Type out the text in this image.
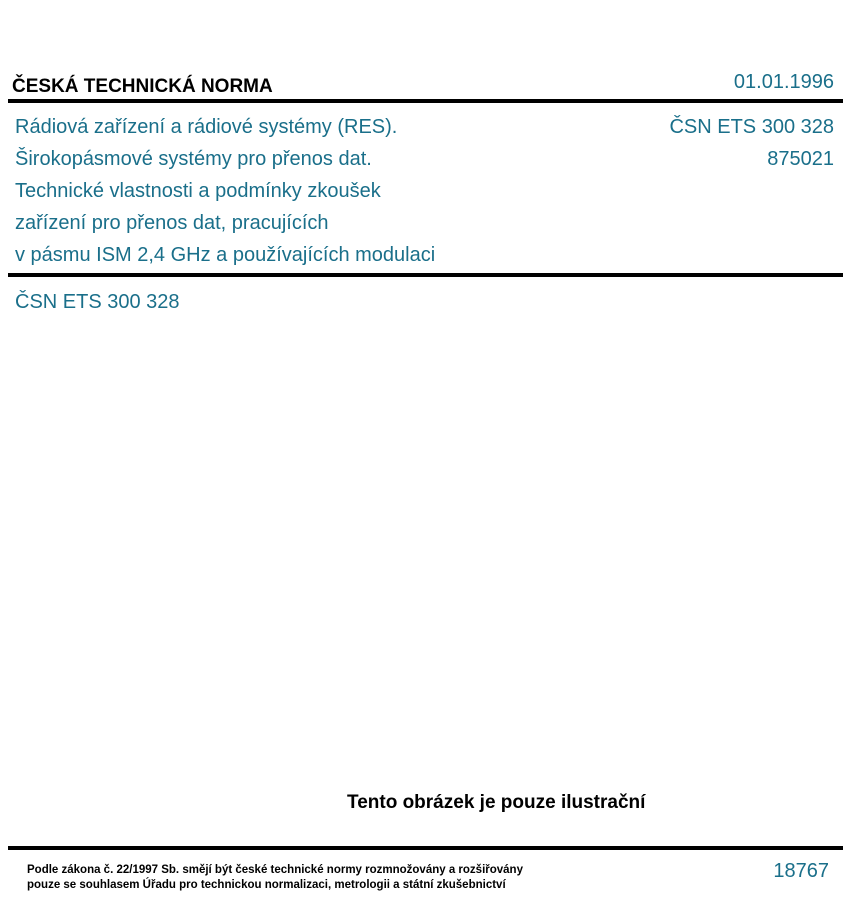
ČESKÁ TECHNICKÁ NORMA	01.01.1996
Rádiová zařízení a rádiové systémy (RES).
Širokopásmové systémy pro přenos dat.
Technické vlastnosti a podmínky zkoušek
zařízení pro přenos dat, pracujících
v pásmu ISM 2,4 GHz a používajících modulaci
ČSN ETS 300 328
875021
ČSN ETS 300 328
Tento obrázek je pouze ilustrační
Podle zákona č. 22/1997 Sb. smějí být české technické normy rozmnožovány a rozšiřovány
pouze se souhlasem Úřadu pro technickou normalizaci, metrologii a státní zkušebnictví
18767
